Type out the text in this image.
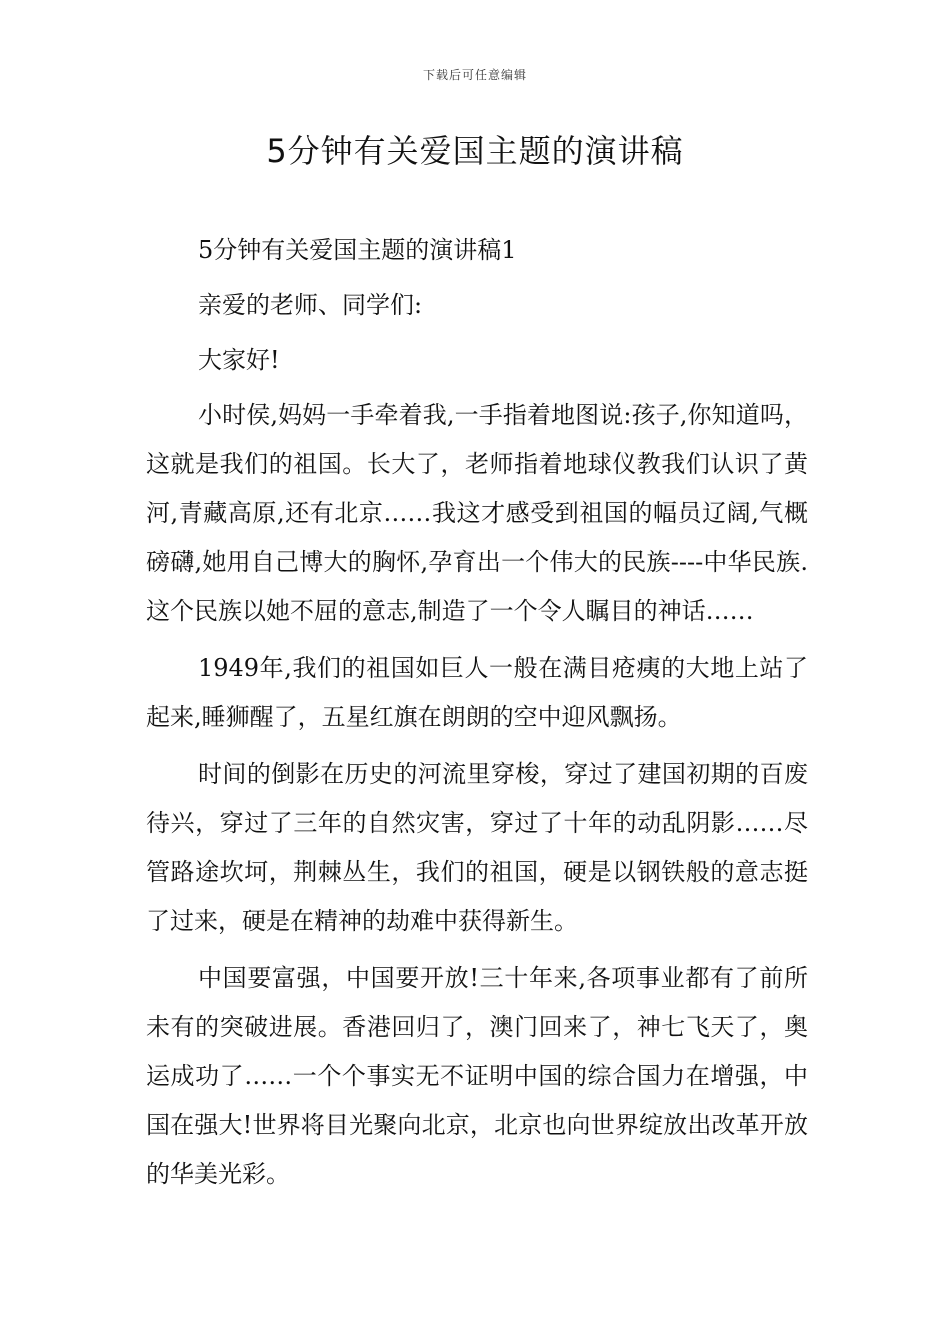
下载后可任意编辑
5分钟有关爱国主题的演讲稿

5分钟有关爱国主题的演讲稿1

亲爱的老师、同学们:

大家好!

小时侯,妈妈一手牵着我,一手指着地图说:孩子,你知道吗，这就是我们的祖国。长大了，老师指着地球仪教我们认识了黄河,青藏高原,还有北京……我这才感受到祖国的幅员辽阔,气概磅礴,她用自己博大的胸怀,孕育出一个伟大的民族----中华民族.这个民族以她不屈的意志,制造了一个令人瞩目的神话……

1949年,我们的祖国如巨人一般在满目疮痍的大地上站了起来,睡狮醒了，五星红旗在朗朗的空中迎风飘扬。

时间的倒影在历史的河流里穿梭，穿过了建国初期的百废待兴，穿过了三年的自然灾害，穿过了十年的动乱阴影……尽管路途坎坷，荆棘丛生，我们的祖国，硬是以钢铁般的意志挺了过来，硬是在精神的劫难中获得新生。

中国要富强，中国要开放!三十年来,各项事业都有了前所未有的突破进展。香港回归了，澳门回来了，神七飞天了，奥运成功了……一个个事实无不证明中国的综合国力在增强，中国在强大!世界将目光聚向北京，北京也向世界绽放出改革开放的华美光彩。
